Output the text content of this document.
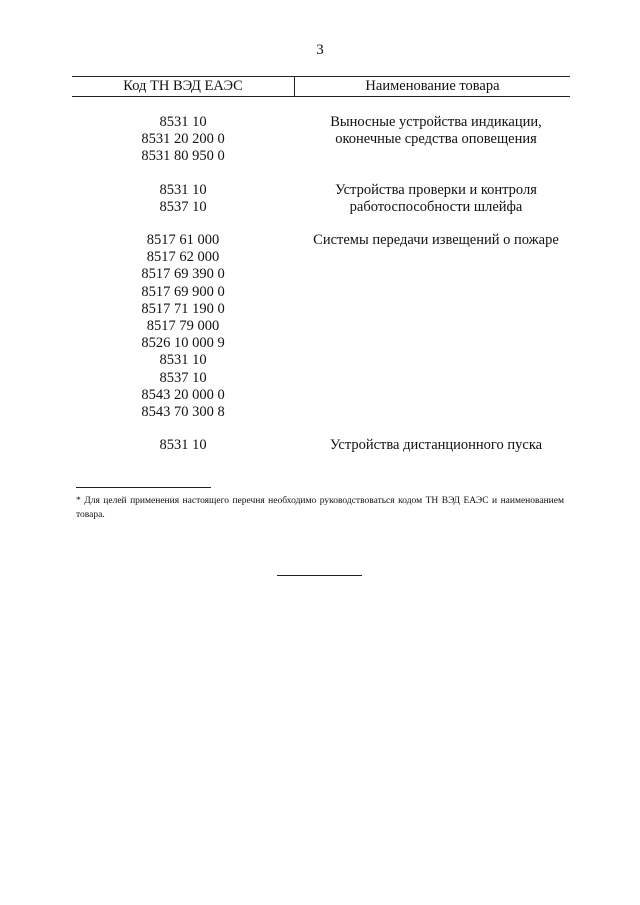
3
Код ТН ВЭД ЕАЭС	Наименование товара
8531 10
8531 20 200 0
8531 80 950 0
Выносные устройства индикации,
оконечные средства оповещения
8531 10
8537 10
Устройства проверки и контроля
работоспособности шлейфа
8517 61 000
8517 62 000
8517 69 390 0
8517 69 900 0
8517 71 190 0
8517 79 000
8526 10 000 9
8531 10
8537 10
8543 20 000 0
8543 70 300 8
Системы передачи извещений о пожаре
8531 10	Устройства дистанционного пуска
* Для целей применения настоящего перечня необходимо руководствоваться кодом ТН ВЭД ЕАЭС и наименованием товара.
